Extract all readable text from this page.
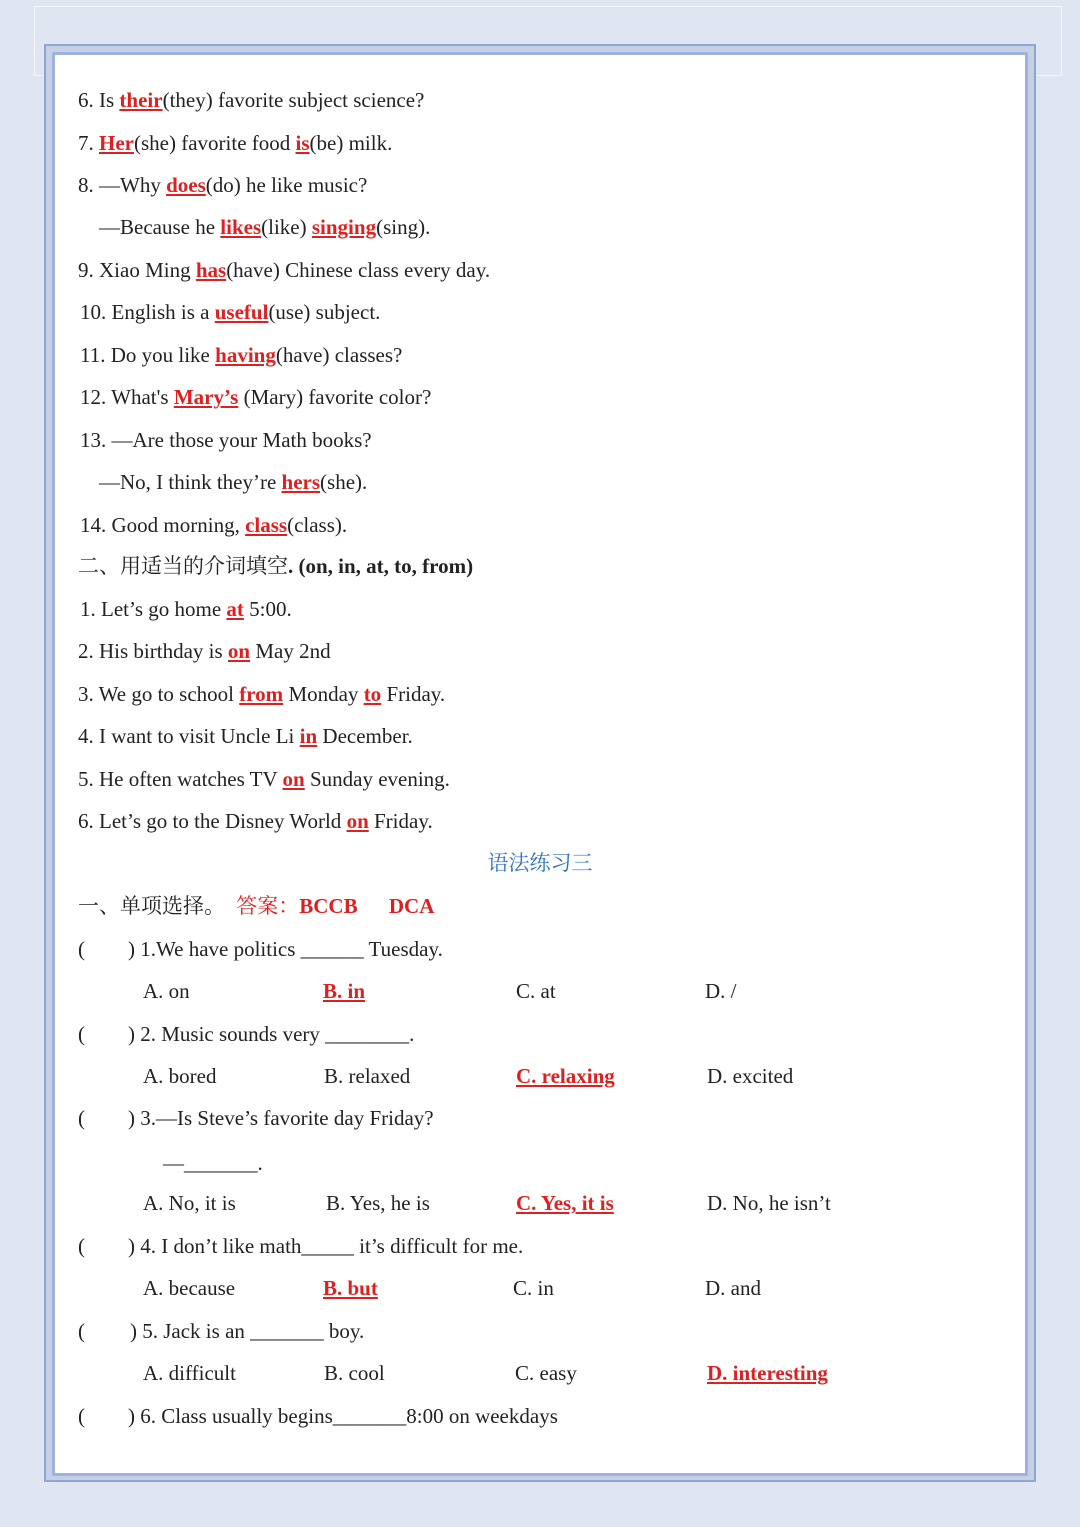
6. Is their(they) favorite subject science?
7. Her(she) favorite food is(be) milk.
8. —Why does(do) he like music?
—Because he likes(like) singing(sing).
9. Xiao Ming has(have) Chinese class every day.
10. English is a useful(use) subject.
11. Do you like having(have) classes?
12. What's Mary’s (Mary) favorite color?
13. —Are those your Math books?
—No, I think they’re hers(she).
14. Good morning, class(class).
二、用适当的介词填空. (on, in, at, to, from)
1. Let’s go home at 5:00.
2. His birthday is on May 2nd
3. We go to school from Monday to Friday.
4. I want to visit Uncle Li in December.
5. He often watches TV on Sunday evening.
6. Let’s go to the Disney World on Friday.
语法练习三
一、单项选择。 答案：BCCB DCA
( ) 1.We have politics ______ Tuesday.
A. on	B. in	C. at	D. /
( ) 2. Music sounds very ________.
A. bored	B. relaxed	C. relaxing	D. excited
( ) 3.—Is Steve’s favorite day Friday?
—_______.
A. No, it is	B. Yes, he is	C. Yes, it is	D. No, he isn’t
( ) 4. I don’t like math_____ it’s difficult for me.
A. because	B. but	C. in	D. and
( ) 5. Jack is an _______ boy.
A. difficult	B. cool	C. easy	D. interesting
( ) 6. Class usually begins_______8:00 on weekdays
